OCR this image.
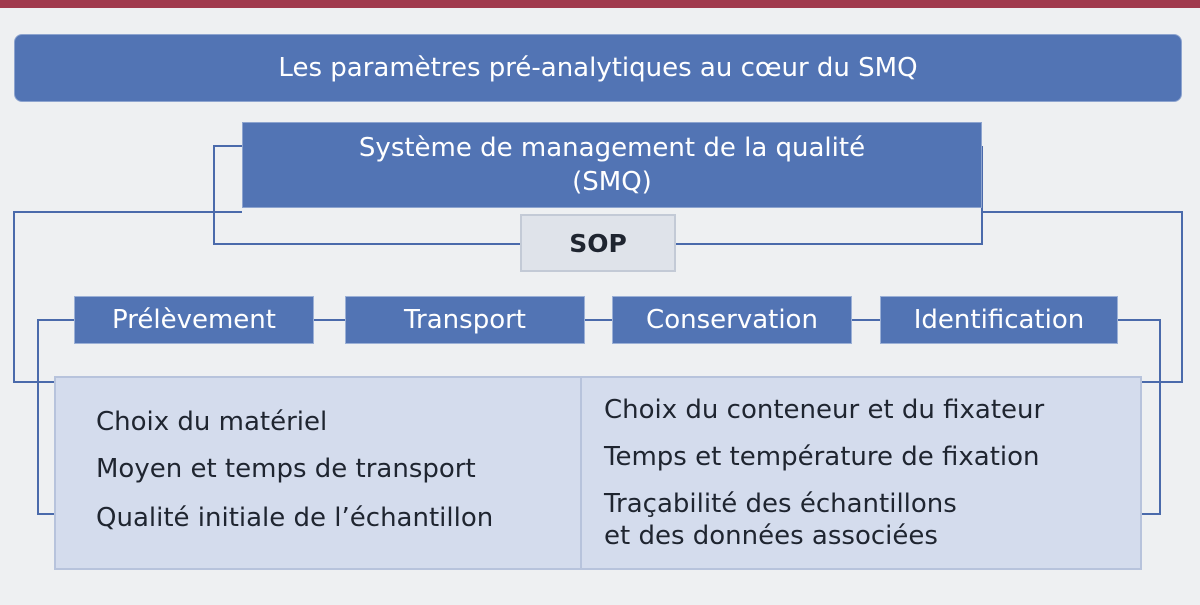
Les paramètres pré-analytiques au cœur du SMQ
Système de management de la qualité
(SMQ)
SOP
Prélèvement	Transport	Conservation	Identification
Choix du matériel
Moyen et temps de transport
Qualité initiale de l’échantillon
Choix du conteneur et du fixateur
Temps et température de fixation
Traçabilité des échantillons
et des données associées
